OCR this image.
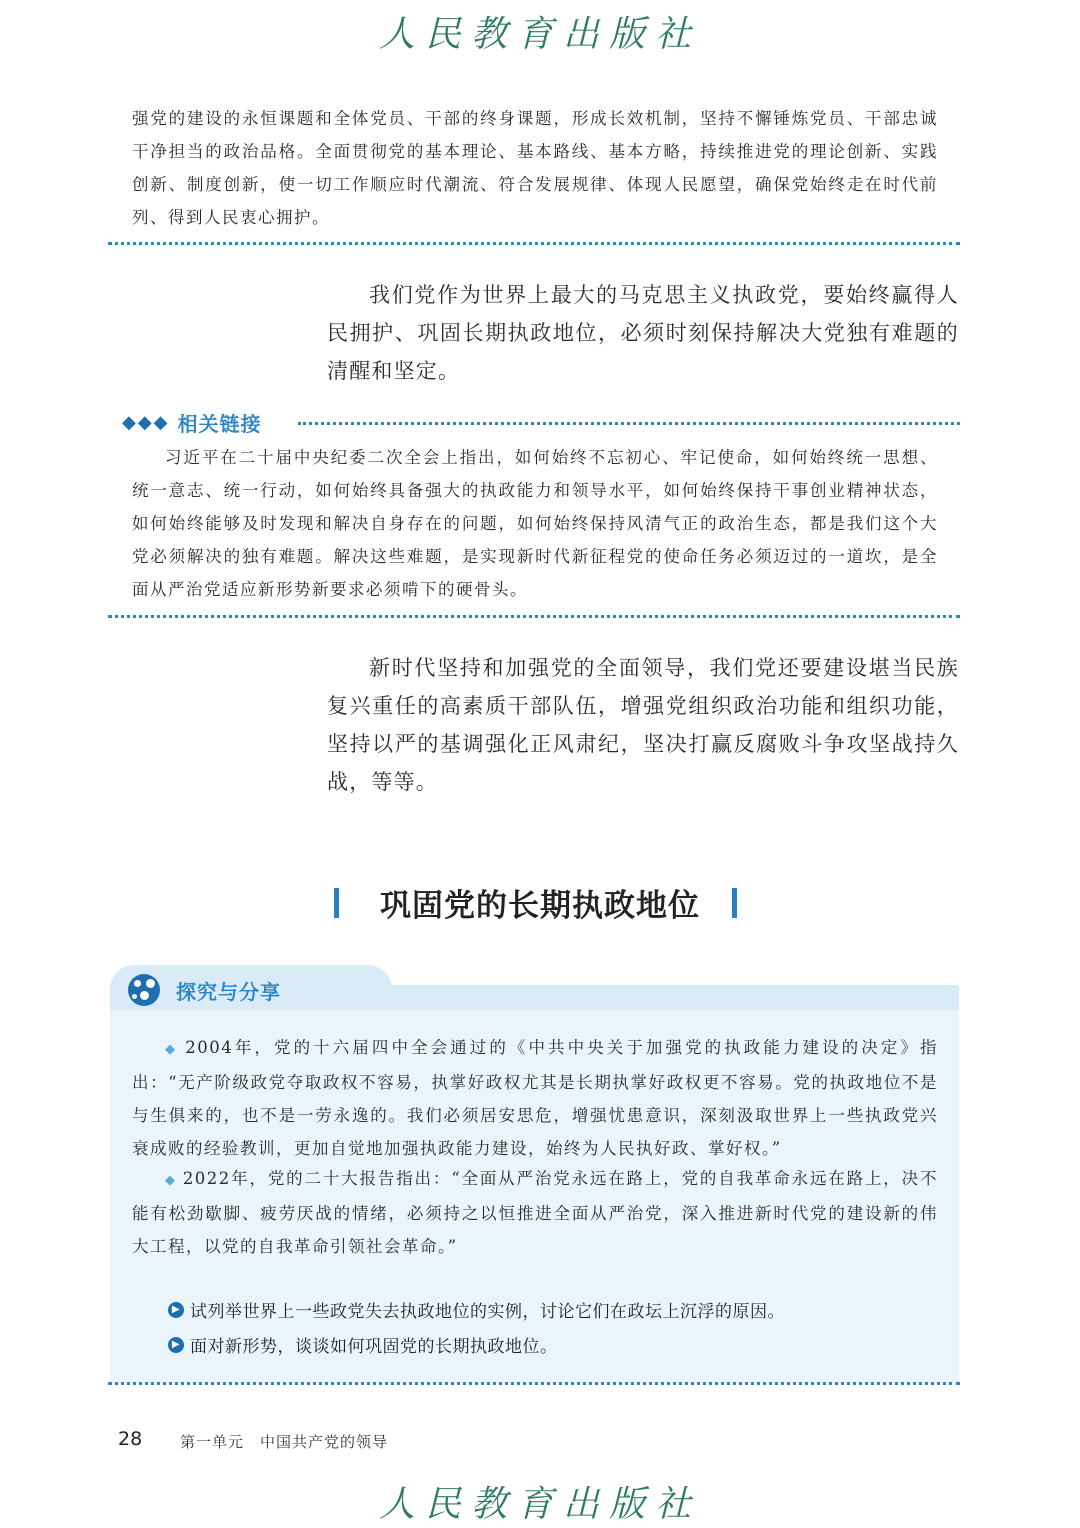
人民教育出版社

强党的建设的永恒课题和全体党员、干部的终身课题，形成长效机制，坚持不懈锤炼党员、干部忠诚干净担当的政治品格。全面贯彻党的基本理论、基本路线、基本方略，持续推进党的理论创新、实践创新、制度创新，使一切工作顺应时代潮流、符合发展规律、体现人民愿望，确保党始终走在时代前列、得到人民衷心拥护。

我们党作为世界上最大的马克思主义执政党，要始终赢得人民拥护、巩固长期执政地位，必须时刻保持解决大党独有难题的清醒和坚定。

◆◆◆ 相关链接

习近平在二十届中央纪委二次全会上指出，如何始终不忘初心、牢记使命，如何始终统一思想、统一意志、统一行动，如何始终具备强大的执政能力和领导水平，如何始终保持干事创业精神状态，如何始终能够及时发现和解决自身存在的问题，如何始终保持风清气正的政治生态，都是我们这个大党必须解决的独有难题。解决这些难题，是实现新时代新征程党的使命任务必须迈过的一道坎，是全面从严治党适应新形势新要求必须啃下的硬骨头。

新时代坚持和加强党的全面领导，我们党还要建设堪当民族复兴重任的高素质干部队伍，增强党组织政治功能和组织功能，坚持以严的基调强化正风肃纪，坚决打赢反腐败斗争攻坚战持久战，等等。

巩固党的长期执政地位
探究与分享

◆ 2004年，党的十六届四中全会通过的《中共中央关于加强党的执政能力建设的决定》指出：“无产阶级政党夺取政权不容易，执掌好政权尤其是长期执掌好政权更不容易。党的执政地位不是与生俱来的，也不是一劳永逸的。我们必须居安思危，增强忧患意识，深刻汲取世界上一些执政党兴衰成败的经验教训，更加自觉地加强执政能力建设，始终为人民执好政、掌好权。”

◆ 2022年，党的二十大报告指出：“全面从严治党永远在路上，党的自我革命永远在路上，决不能有松劲歇脚、疲劳厌战的情绪，必须持之以恒推进全面从严治党，深入推进新时代党的建设新的伟大工程，以党的自我革命引领社会革命。”

▶ 试列举世界上一些政党失去执政地位的实例，讨论它们在政坛上沉浮的原因。
▶ 面对新形势，谈谈如何巩固党的长期执政地位。
28	第一单元　中国共产党的领导
人民教育出版社
